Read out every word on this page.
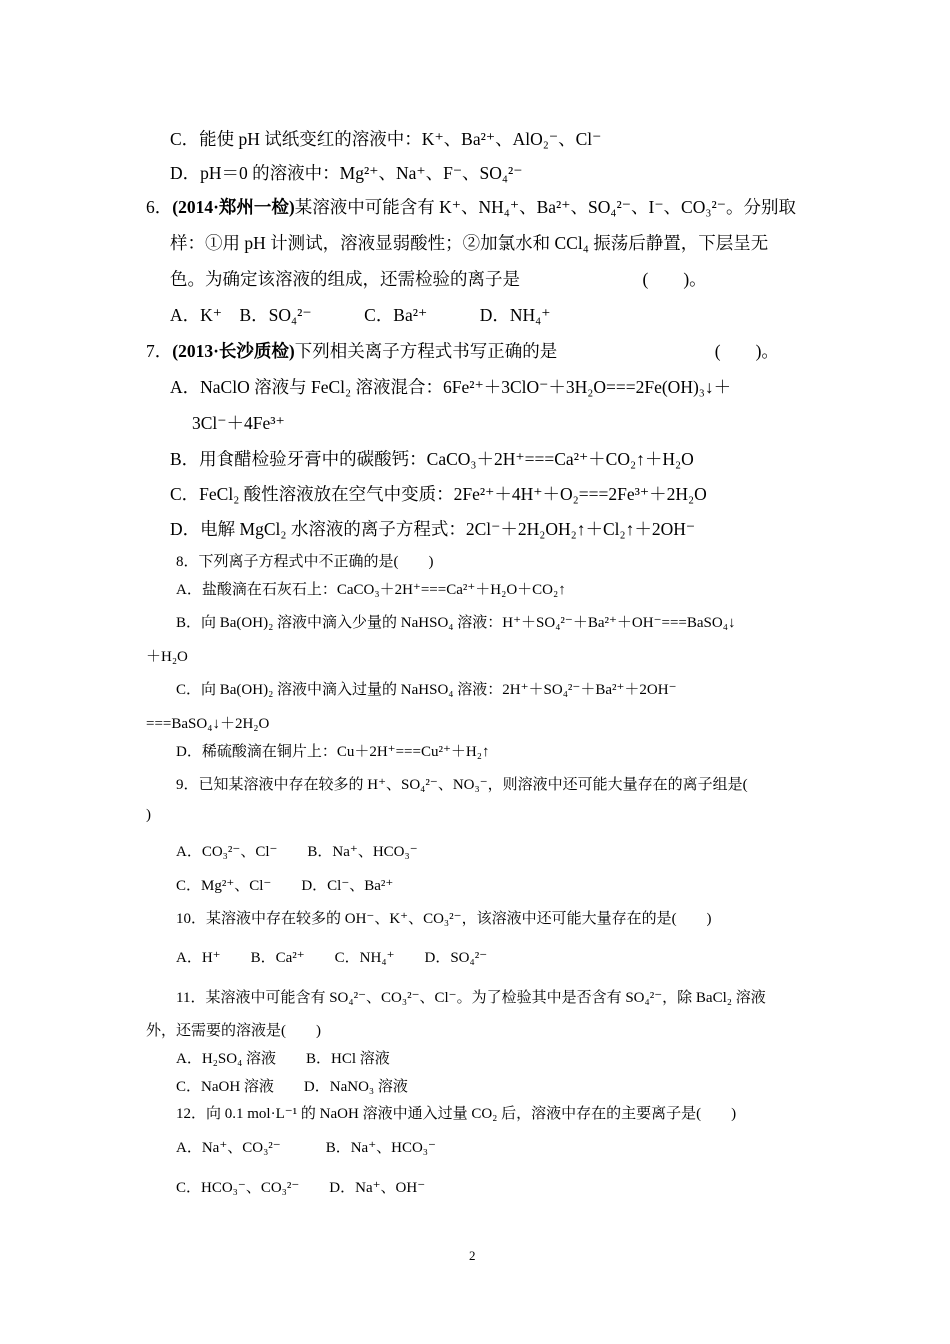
C．能使 pH 试纸变红的溶液中：K⁺、Ba²⁺、AlO₂⁻、Cl⁻
D．pH＝0 的溶液中：Mg²⁺、Na⁺、F⁻、SO₄²⁻
6．(2014·郑州一检)某溶液中可能含有 K⁺、NH₄⁺、Ba²⁺、SO₄²⁻、I⁻、CO₃²⁻。分别取
样：①用 pH 计测试，溶液显弱酸性；②加氯水和 CCl₄ 振荡后静置，下层呈无
色。为确定该溶液的组成，还需检验的离子是　　　　　　　(　　)。
A．K⁺　B．SO₄²⁻　　　C．Ba²⁺　　　D．NH₄⁺
7．(2013·长沙质检)下列相关离子方程式书写正确的是　　　　　　　　　(　　)。
A．NaClO 溶液与 FeCl₂ 溶液混合：6Fe²⁺＋3ClO⁻＋3H₂O===2Fe(OH)₃↓＋
3Cl⁻＋4Fe³⁺
B．用食醋检验牙膏中的碳酸钙：CaCO₃＋2H⁺===Ca²⁺＋CO₂↑＋H₂O
C．FeCl₂ 酸性溶液放在空气中变质：2Fe²⁺＋4H⁺＋O₂===2Fe³⁺＋2H₂O
D．电解 MgCl₂ 水溶液的离子方程式：2Cl⁻＋2H₂OH₂↑＋Cl₂↑＋2OH⁻
8．下列离子方程式中不正确的是(　　)
A．盐酸滴在石灰石上：CaCO₃＋2H⁺===Ca²⁺＋H₂O＋CO₂↑
B．向 Ba(OH)₂ 溶液中滴入少量的 NaHSO₄ 溶液：H⁺＋SO₄²⁻＋Ba²⁺＋OH⁻===BaSO₄↓
＋H₂O
C．向 Ba(OH)₂ 溶液中滴入过量的 NaHSO₄ 溶液：2H⁺＋SO₄²⁻＋Ba²⁺＋2OH⁻
===BaSO₄↓＋2H₂O
D．稀硫酸滴在铜片上：Cu＋2H⁺===Cu²⁺＋H₂↑
9．已知某溶液中存在较多的 H⁺、SO₄²⁻、NO₃⁻，则溶液中还可能大量存在的离子组是(
)
A．CO₃²⁻、Cl⁻　　B．Na⁺、HCO₃⁻
C．Mg²⁺、Cl⁻　　D．Cl⁻、Ba²⁺
10．某溶液中存在较多的 OH⁻、K⁺、CO₃²⁻，该溶液中还可能大量存在的是(　　)
A．H⁺　　B．Ca²⁺　　C．NH₄⁺　　D．SO₄²⁻
11．某溶液中可能含有 SO₄²⁻、CO₃²⁻、Cl⁻。为了检验其中是否含有 SO₄²⁻，除 BaCl₂ 溶液
外，还需要的溶液是(　　)
A．H₂SO₄ 溶液　　B．HCl 溶液
C．NaOH 溶液　　D．NaNO₃ 溶液
12．向 0.1 mol·L⁻¹ 的 NaOH 溶液中通入过量 CO₂ 后，溶液中存在的主要离子是(　　)
A．Na⁺、CO₃²⁻　　　B．Na⁺、HCO₃⁻
C．HCO₃⁻、CO₃²⁻　　D．Na⁺、OH⁻
2
